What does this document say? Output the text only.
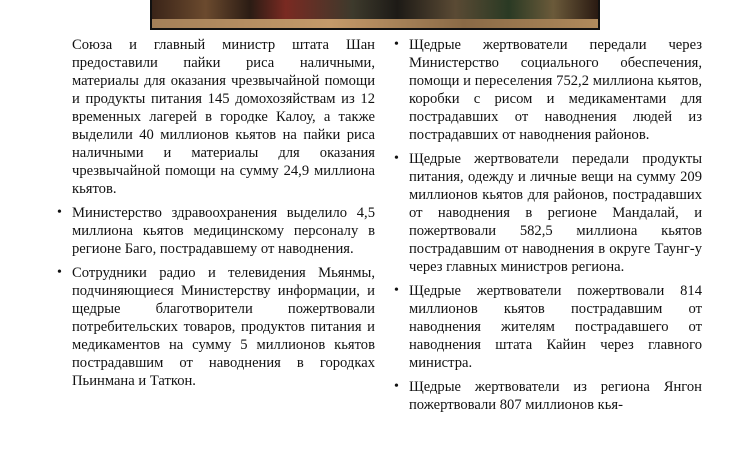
Союза и главный министр штата Шан предоставили пайки риса наличными, материалы для оказания чрезвычайной помощи и продукты питания 145 домохозяйствам из 12 временных лагерей в городке Калоу, а также выделили 40 миллионов кьятов на пайки риса наличными и материалы для оказания чрезвычайной помощи на сумму 24,9 миллиона кьятов.

• Министерство здравоохранения выделило 4,5 миллиона кьятов медицинскому персоналу в регионе Баго, пострадавшему от наводнения.
• Сотрудники радио и телевидения Мьянмы, подчиняющиеся Министерству информации, и щедрые благотворители пожертвовали потребительских товаров, продуктов питания и медикаментов на сумму 5 миллионов кьятов пострадавшим от наводнения в городках Пьинмана и Таткон.
• Щедрые жертвователи передали через Министерство социального обеспечения, помощи и переселения 752,2 миллиона кьятов, коробки с рисом и медикаментами для пострадавших от наводнения людей из пострадавших от наводнения районов.
• Щедрые жертвователи передали продукты питания, одежду и личные вещи на сумму 209 миллионов кьятов для районов, пострадавших от наводнения в регионе Мандалай, и пожертвовали 582,5 миллиона кьятов пострадавшим от наводнения в округе Таунг-у через главных министров региона.
• Щедрые жертвователи пожертвовали 814 миллионов кьятов пострадавшим от наводнения жителям пострадавшего от наводнения штата Кайин через главного министра.
• Щедрые жертвователи из региона Янгон пожертвовали 807 миллионов кья-
